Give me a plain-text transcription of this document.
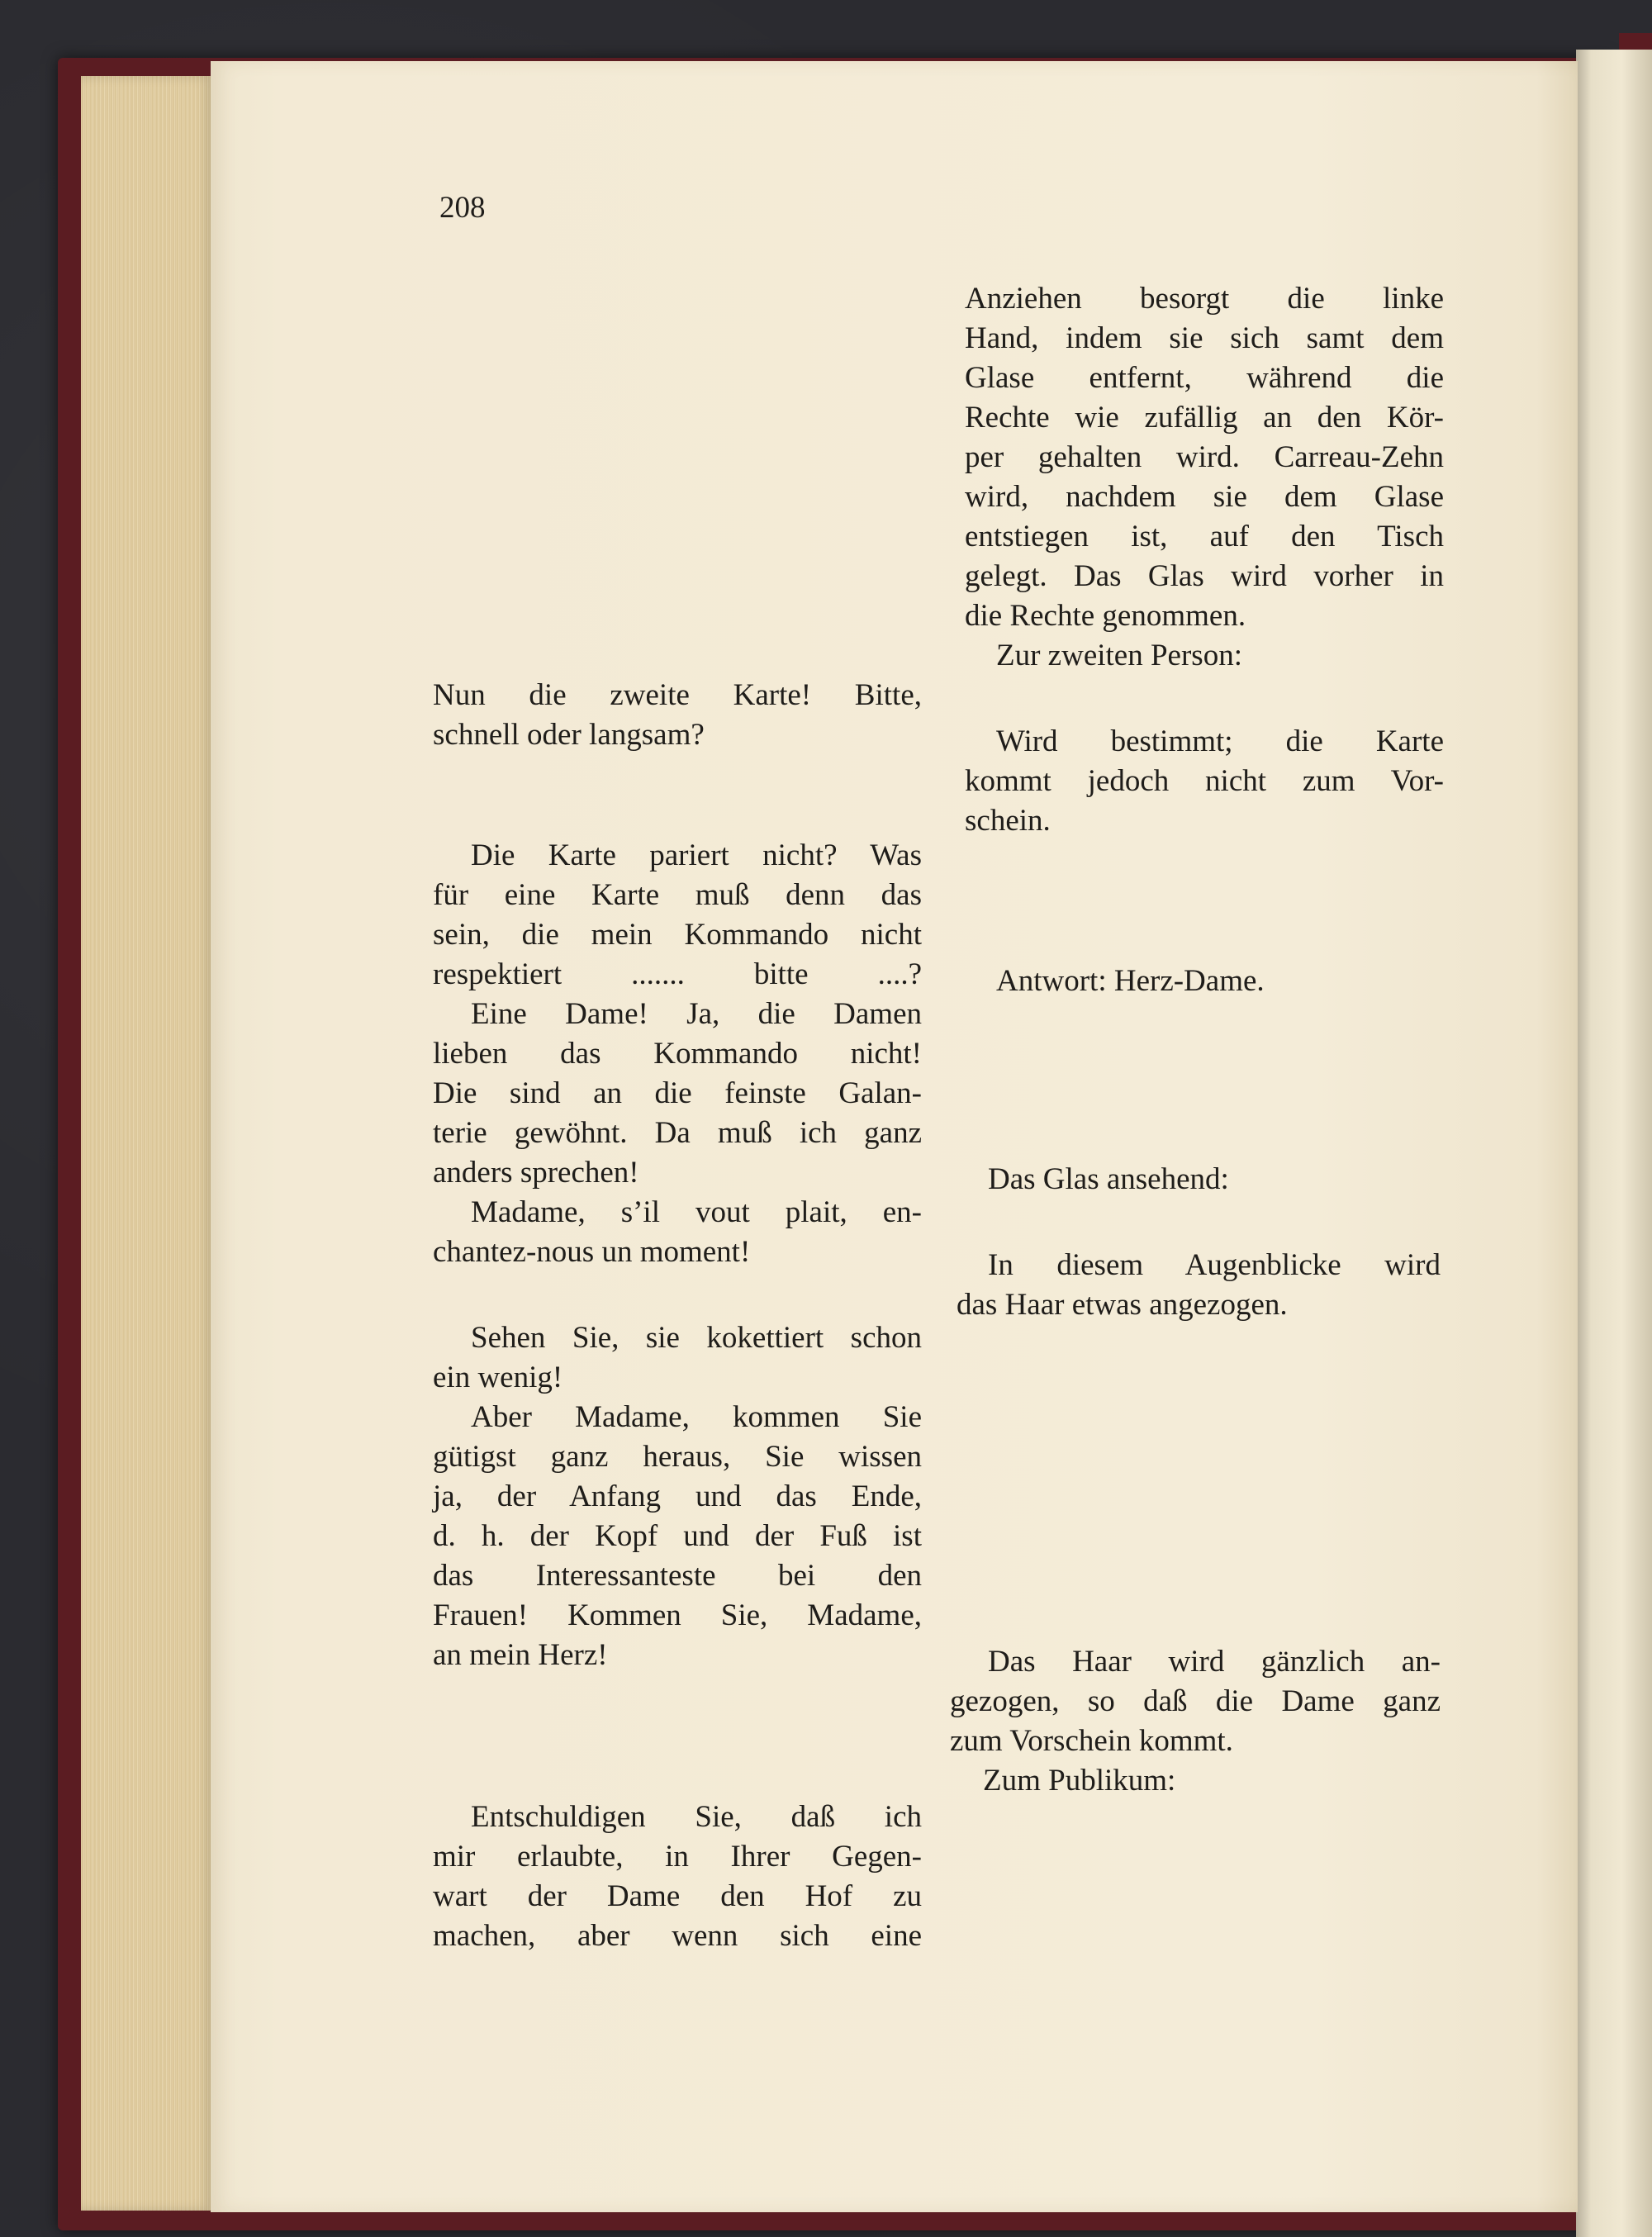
208

Nun die zweite Karte! Bitte,

schnell oder langsam?

Die Karte pariert nicht? Was

für eine Karte muß denn das

sein, die mein Kommando nicht

respektiert ....... bitte ....?

Eine Dame! Ja, die Damen

lieben das Kommando nicht!

Die sind an die feinste Galan-

terie gewöhnt. Da muß ich ganz

anders sprechen!

Madame, s’il vout plait, en-

chantez-nous un moment!

Sehen Sie, sie kokettiert schon

ein wenig!

Aber Madame, kommen Sie

gütigst ganz heraus, Sie wissen

ja, der Anfang und das Ende,

d. h. der Kopf und der Fuß ist

das Interessanteste bei den

Frauen! Kommen Sie, Madame,

an mein Herz!

Entschuldigen Sie, daß ich

mir erlaubte, in Ihrer Gegen-

wart der Dame den Hof zu

machen, aber wenn sich eine

Anziehen besorgt die linke

Hand, indem sie sich samt dem

Glase entfernt, während die

Rechte wie zufällig an den Kör-

per gehalten wird. Carreau-Zehn

wird, nachdem sie dem Glase

entstiegen ist, auf den Tisch

gelegt. Das Glas wird vorher in

die Rechte genommen.

Zur zweiten Person:

Wird bestimmt; die Karte

kommt jedoch nicht zum Vor-

schein.

Antwort: Herz-Dame.

Das Glas ansehend:

In diesem Augenblicke wird

das Haar etwas angezogen.

Das Haar wird gänzlich an-

gezogen, so daß die Dame ganz

zum Vorschein kommt.

Zum Publikum:
